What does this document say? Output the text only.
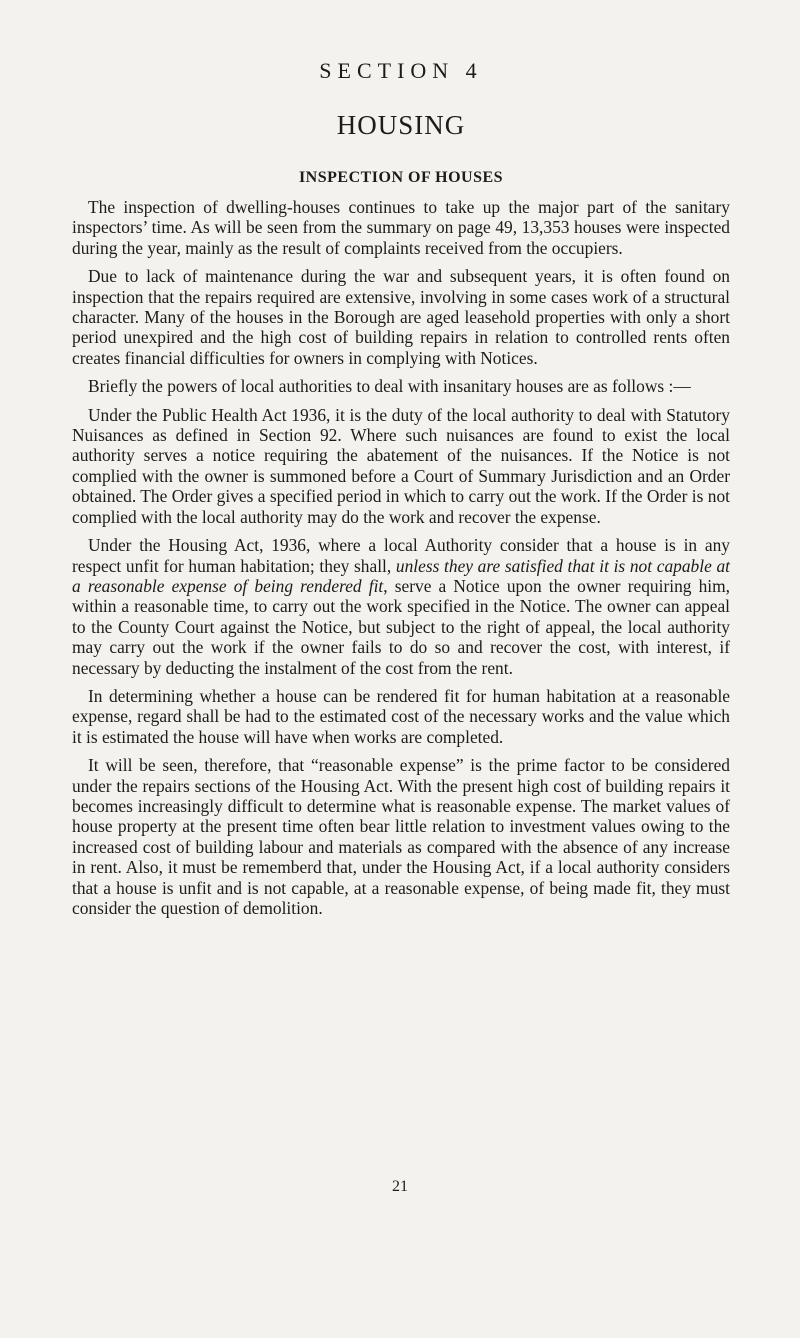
SECTION 4
HOUSING
INSPECTION OF HOUSES

The inspection of dwelling-houses continues to take up the major part of the sanitary inspectors’ time. As will be seen from the summary on page 49, 13,353 houses were inspected during the year, mainly as the result of complaints received from the occupiers.

Due to lack of maintenance during the war and subsequent years, it is often found on inspection that the repairs required are extensive, involving in some cases work of a structural character. Many of the houses in the Borough are aged leasehold properties with only a short period unexpired and the high cost of building repairs in relation to controlled rents often creates financial difficulties for owners in complying with Notices.

Briefly the powers of local authorities to deal with insanitary houses are as follows :—

Under the Public Health Act 1936, it is the duty of the local authority to deal with Statutory Nuisances as defined in Section 92. Where such nuisances are found to exist the local authority serves a notice requiring the abatement of the nuisances. If the Notice is not complied with the owner is summoned before a Court of Summary Jurisdiction and an Order obtained. The Order gives a specified period in which to carry out the work. If the Order is not complied with the local authority may do the work and recover the expense.

Under the Housing Act, 1936, where a local Authority consider that a house is in any respect unfit for human habitation; they shall, unless they are satisfied that it is not capable at a reasonable expense of being rendered fit, serve a Notice upon the owner requiring him, within a reasonable time, to carry out the work specified in the Notice. The owner can appeal to the County Court against the Notice, but subject to the right of appeal, the local authority may carry out the work if the owner fails to do so and recover the cost, with interest, if necessary by deducting the instalment of the cost from the rent.

In determining whether a house can be rendered fit for human habitation at a reasonable expense, regard shall be had to the estimated cost of the necessary works and the value which it is estimated the house will have when works are completed.

It will be seen, therefore, that “reasonable expense” is the prime factor to be considered under the repairs sections of the Housing Act. With the present high cost of building repairs it becomes increasingly difficult to determine what is reasonable expense. The market values of house property at the present time often bear little relation to investment values owing to the increased cost of building labour and materials as compared with the absence of any increase in rent. Also, it must be rememberd that, under the Housing Act, if a local authority considers that a house is unfit and is not capable, at a reasonable expense, of being made fit, they must consider the question of demolition.

21
